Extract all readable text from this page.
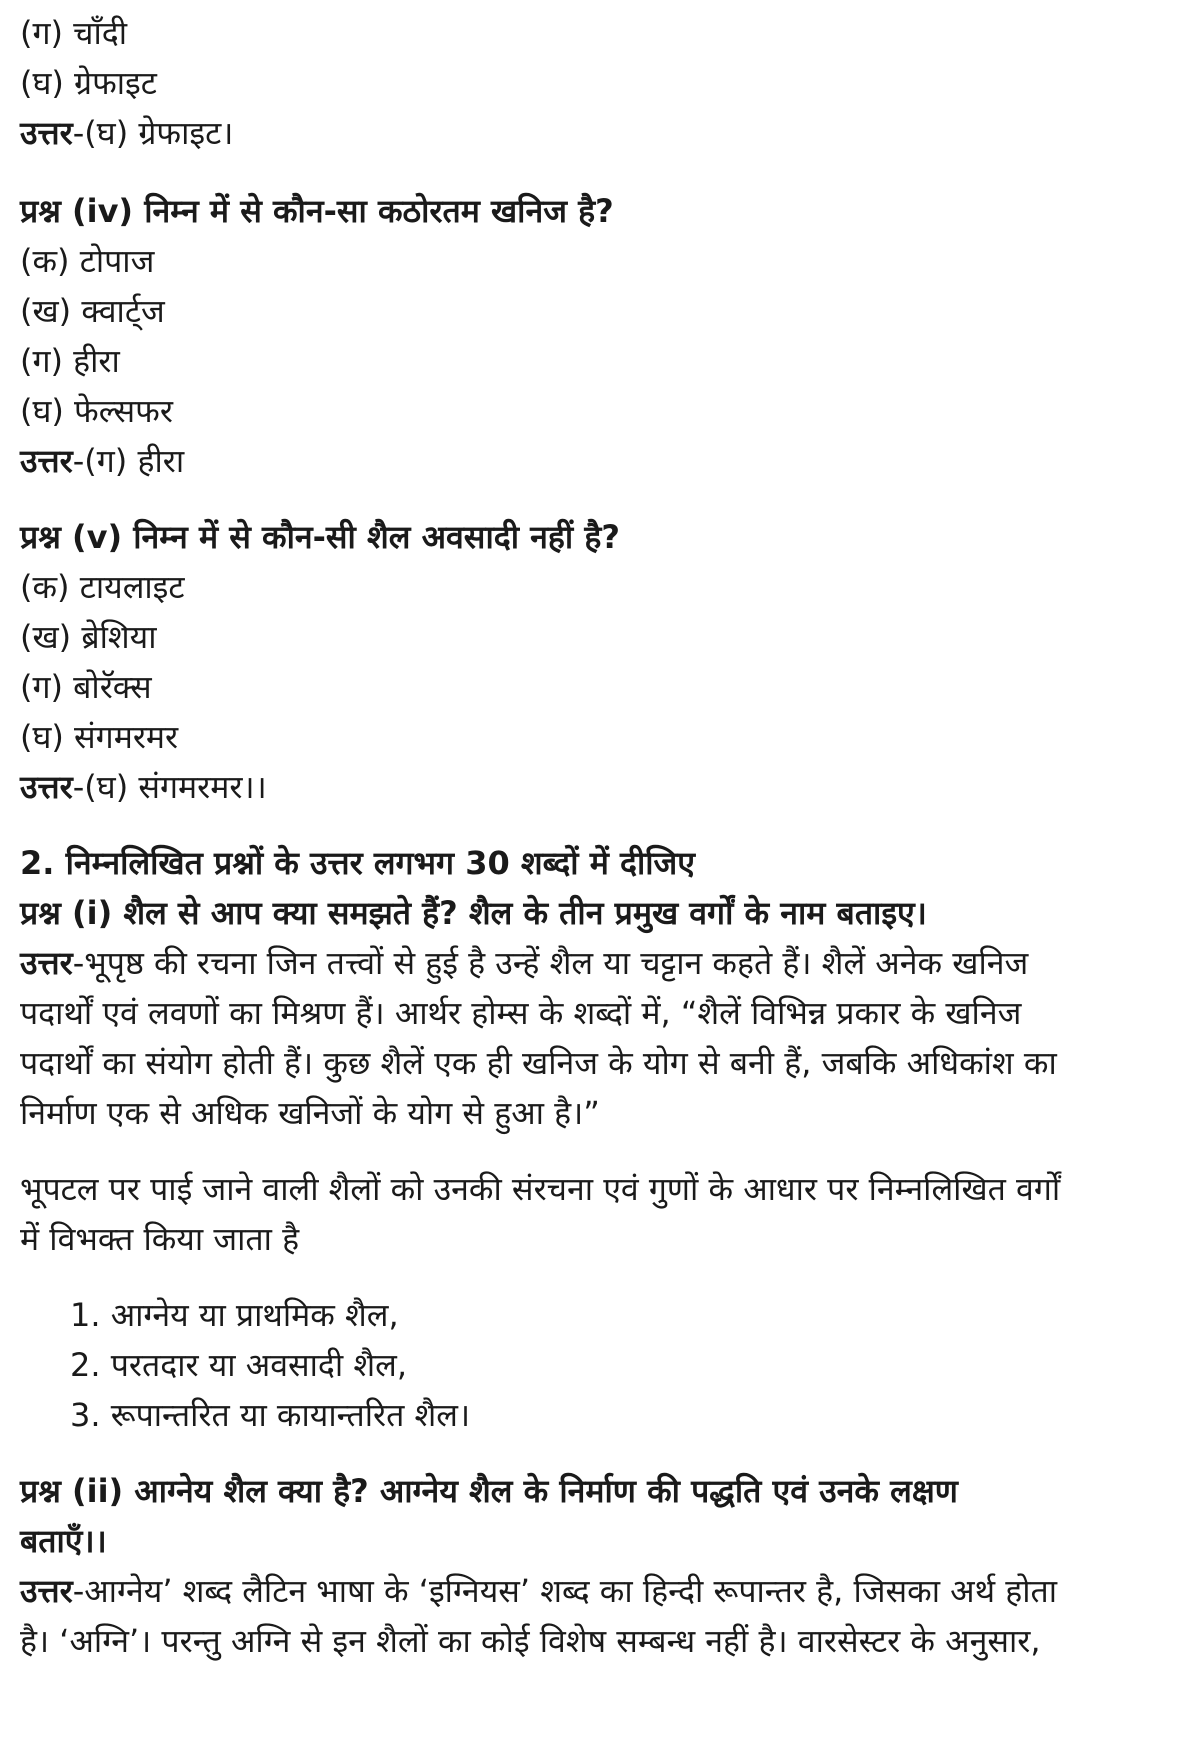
(ग) चाँदी
(घ) ग्रेफाइट
उत्तर-(घ) ग्रेफाइट।
प्रश्न (iv) निम्न में से कौन-सा कठोरतम खनिज है?
(क) टोपाज
(ख) क्वार्ट्ज
(ग) हीरा
(घ) फेल्सफर
उत्तर-(ग) हीरा
प्रश्न (v) निम्न में से कौन-सी शैल अवसादी नहीं है?
(क) टायलाइट
(ख) ब्रेशिया
(ग) बोरॅक्स
(घ) संगमरमर
उत्तर-(घ) संगमरमर।।
2. निम्नलिखित प्रश्नों के उत्तर लगभग 30 शब्दों में दीजिए
प्रश्न (i) शैल से आप क्या समझते हैं? शैल के तीन प्रमुख वर्गों के नाम बताइए।
उत्तर-भूपृष्ठ की रचना जिन तत्त्वों से हुई है उन्हें शैल या चट्टान कहते हैं। शैलें अनेक खनिज
पदार्थों एवं लवणों का मिश्रण हैं। आर्थर होम्स के शब्दों में, “शैलें विभिन्न प्रकार के खनिज
पदार्थों का संयोग होती हैं। कुछ शैलें एक ही खनिज के योग से बनी हैं, जबकि अधिकांश का
निर्माण एक से अधिक खनिजों के योग से हुआ है।”
भूपटल पर पाई जाने वाली शैलों को उनकी संरचना एवं गुणों के आधार पर निम्नलिखित वर्गों
में विभक्त किया जाता है
1. आग्नेय या प्राथमिक शैल,
2. परतदार या अवसादी शैल,
3. रूपान्तरित या कायान्तरित शैल।
प्रश्न (ii) आग्नेय शैल क्या है? आग्नेय शैल के निर्माण की पद्धति एवं उनके लक्षण
बताएँ।।
उत्तर-आग्नेय’ शब्द लैटिन भाषा के ‘इग्नियस’ शब्द का हिन्दी रूपान्तर है, जिसका अर्थ होता
है। ‘अग्नि’। परन्तु अग्नि से इन शैलों का कोई विशेष सम्बन्ध नहीं है। वारसेस्टर के अनुसार,
